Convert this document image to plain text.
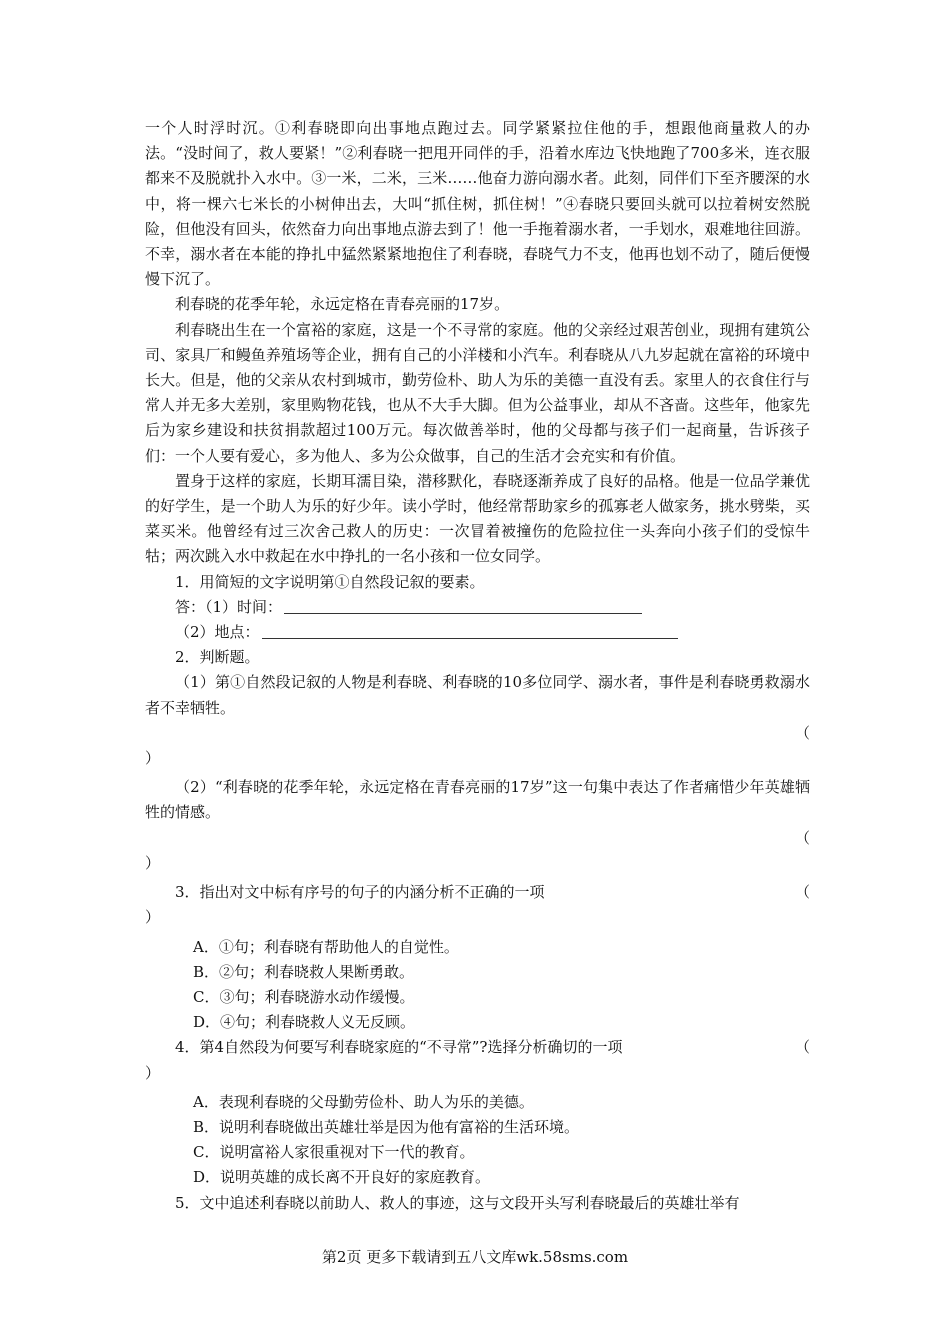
一个人时浮时沉。①利春晓即向出事地点跑过去。同学紧紧拉住他的手，想跟他商量救人的办法。“没时间了，救人要紧！”②利春晓一把甩开同伴的手，沿着水库边飞快地跑了700多米，连衣服都来不及脱就扑入水中。③一米，二米，三米……他奋力游向溺水者。此刻，同伴们下至齐腰深的水中，将一棵六七米长的小树伸出去，大叫“抓住树，抓住树！”④春晓只要回头就可以拉着树安然脱险，但他没有回头，依然奋力向出事地点游去到了！他一手拖着溺水者，一手划水，艰难地往回游。不幸，溺水者在本能的挣扎中猛然紧紧地抱住了利春晓，春晓气力不支，他再也划不动了，随后便慢慢下沉了。

利春晓的花季年轮，永远定格在青春亮丽的17岁。

利春晓出生在一个富裕的家庭，这是一个不寻常的家庭。他的父亲经过艰苦创业，现拥有建筑公司、家具厂和鳗鱼养殖场等企业，拥有自己的小洋楼和小汽车。利春晓从八九岁起就在富裕的环境中长大。但是，他的父亲从农村到城市，勤劳俭朴、助人为乐的美德一直没有丢。家里人的衣食住行与常人并无多大差别，家里购物花钱，也从不大手大脚。但为公益事业，却从不吝啬。这些年，他家先后为家乡建设和扶贫捐款超过100万元。每次做善举时，他的父母都与孩子们一起商量，告诉孩子们：一个人要有爱心，多为他人、多为公众做事，自己的生活才会充实和有价值。

置身于这样的家庭，长期耳濡目染，潜移默化，春晓逐渐养成了良好的品格。他是一位品学兼优的好学生，是一个助人为乐的好少年。读小学时，他经常帮助家乡的孤寡老人做家务，挑水劈柴，买菜买米。他曾经有过三次舍己救人的历史：一次冒着被撞伤的危险拉住一头奔向小孩子们的受惊牛牯；两次跳入水中救起在水中挣扎的一名小孩和一位女同学。

1．用简短的文字说明第①自然段记叙的要素。

答：（1）时间：

（2）地点：

2．判断题。

（1）第①自然段记叙的人物是利春晓、利春晓的10多位同学、溺水者，事件是利春晓勇救溺水者不幸牺牲。

（

）

（2）“利春晓的花季年轮，永远定格在青春亮丽的17岁”这一句集中表达了作者痛惜少年英雄牺牲的情感。

（

）

3．指出对文中标有序号的句子的内涵分析不正确的一项	（

）

A．①句；利春晓有帮助他人的自觉性。

B．②句；利春晓救人果断勇敢。

C．③句；利春晓游水动作缓慢。

D．④句；利春晓救人义无反顾。

4．第4自然段为何要写利春晓家庭的“不寻常”?选择分析确切的一项	（

）

A．表现利春晓的父母勤劳俭朴、助人为乐的美德。

B．说明利春晓做出英雄壮举是因为他有富裕的生活环境。

C．说明富裕人家很重视对下一代的教育。

D．说明英雄的成长离不开良好的家庭教育。

5．文中追述利春晓以前助人、救人的事迹，这与文段开头写利春晓最后的英雄壮举有

第2页 更多下载请到五八文库wk.58sms.com
